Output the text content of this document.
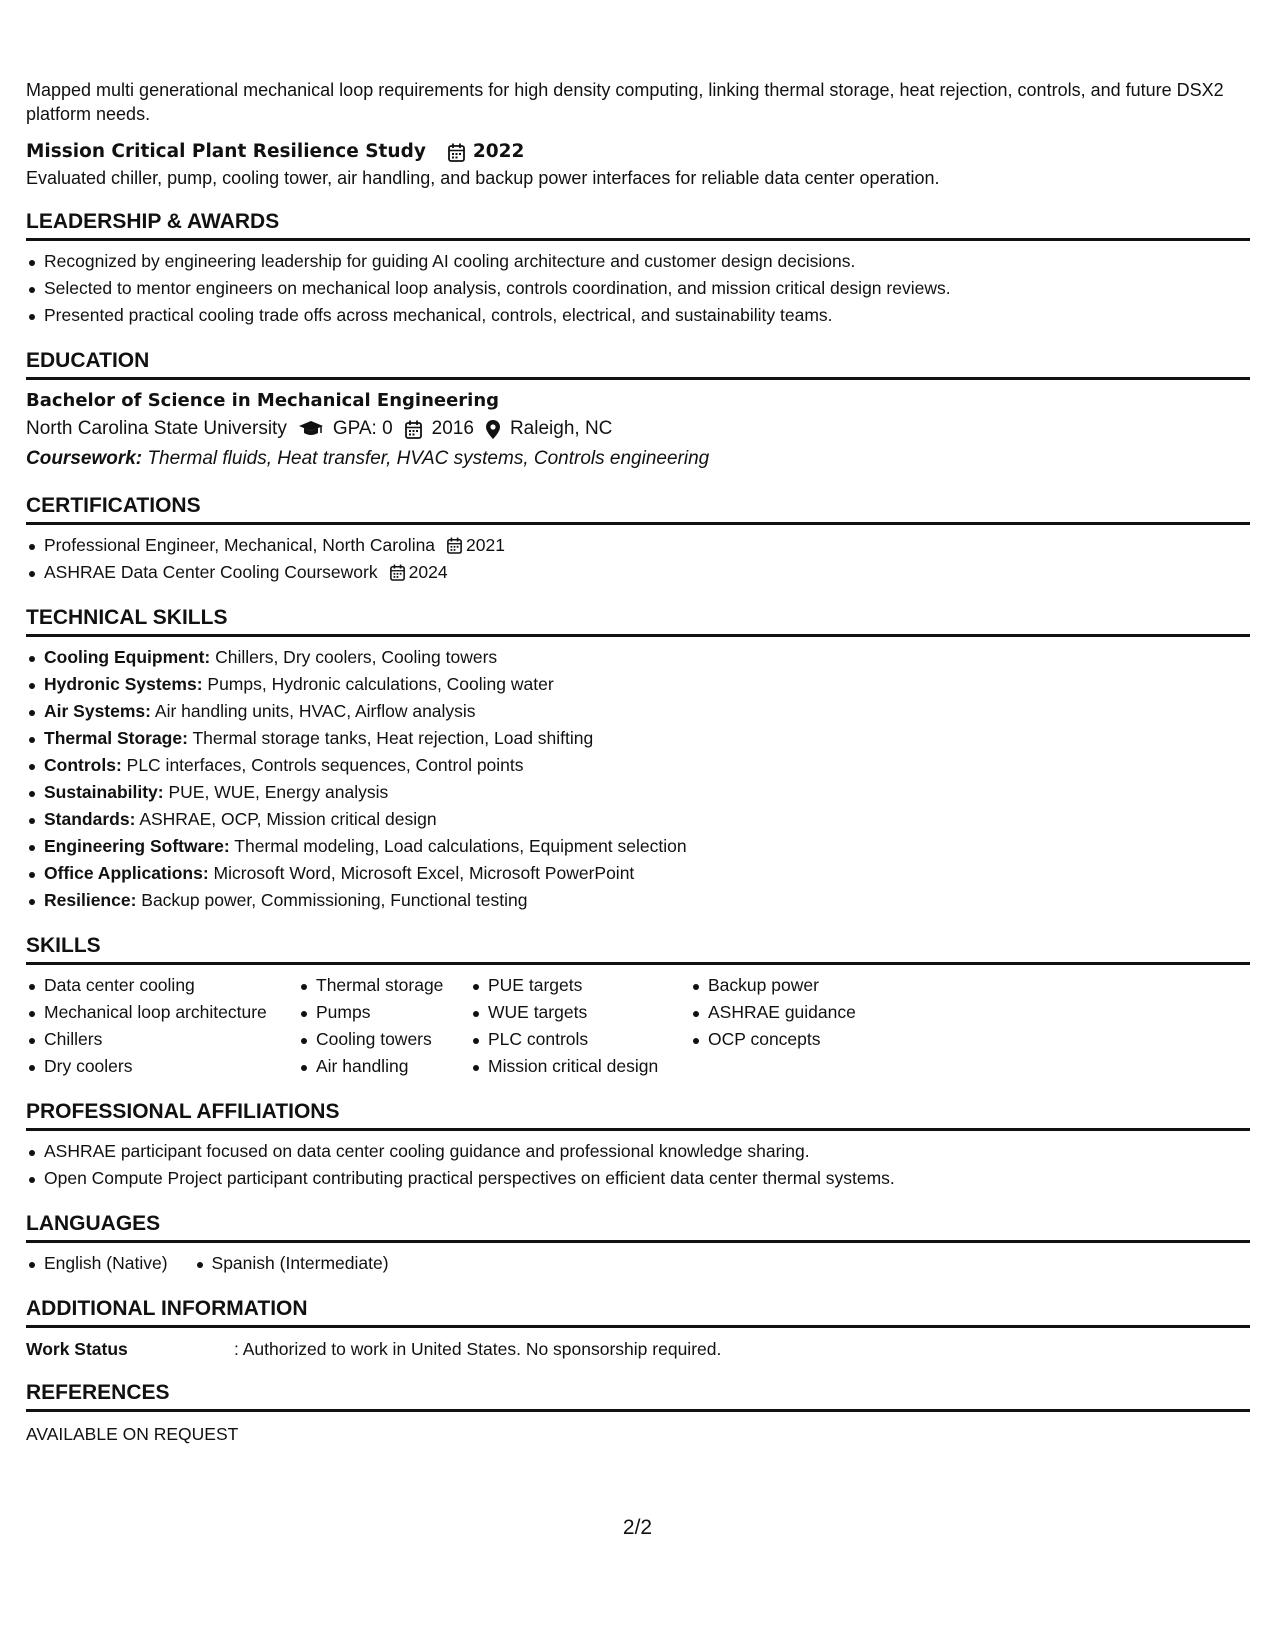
Mapped multi generational mechanical loop requirements for high density computing, linking thermal storage, heat rejection, controls, and future DSX2 platform needs.

Mission Critical Plant Resilience Study	2022

Evaluated chiller, pump, cooling tower, air handling, and backup power interfaces for reliable data center operation.

LEADERSHIP & AWARDS
Recognized by engineering leadership for guiding AI cooling architecture and customer design decisions.
Selected to mentor engineers on mechanical loop analysis, controls coordination, and mission critical design reviews.
Presented practical cooling trade offs across mechanical, controls, electrical, and sustainability teams.
EDUCATION
Bachelor of Science in Mechanical Engineering
North Carolina State University GPA: 0 2016 Raleigh, NC
Coursework: Thermal fluids, Heat transfer, HVAC systems, Controls engineering
CERTIFICATIONS
Professional Engineer, Mechanical, North Carolina 2021
ASHRAE Data Center Cooling Coursework 2024
TECHNICAL SKILLS
Cooling Equipment: Chillers, Dry coolers, Cooling towers
Hydronic Systems: Pumps, Hydronic calculations, Cooling water
Air Systems: Air handling units, HVAC, Airflow analysis
Thermal Storage: Thermal storage tanks, Heat rejection, Load shifting
Controls: PLC interfaces, Controls sequences, Control points
Sustainability: PUE, WUE, Energy analysis
Standards: ASHRAE, OCP, Mission critical design
Engineering Software: Thermal modeling, Load calculations, Equipment selection
Office Applications: Microsoft Word, Microsoft Excel, Microsoft PowerPoint
Resilience: Backup power, Commissioning, Functional testing
SKILLS
Data center cooling
Mechanical loop architecture
Chillers
Dry coolers
Thermal storage
Pumps
Cooling towers
Air handling
PUE targets
WUE targets
PLC controls
Mission critical design
Backup power
ASHRAE guidance
OCP concepts
PROFESSIONAL AFFILIATIONS
ASHRAE participant focused on data center cooling guidance and professional knowledge sharing.
Open Compute Project participant contributing practical perspectives on efficient data center thermal systems.
LANGUAGES
English (Native)	Spanish (Intermediate)
ADDITIONAL INFORMATION
Work Status	: Authorized to work in United States. No sponsorship required.
REFERENCES
AVAILABLE ON REQUEST
2/2
